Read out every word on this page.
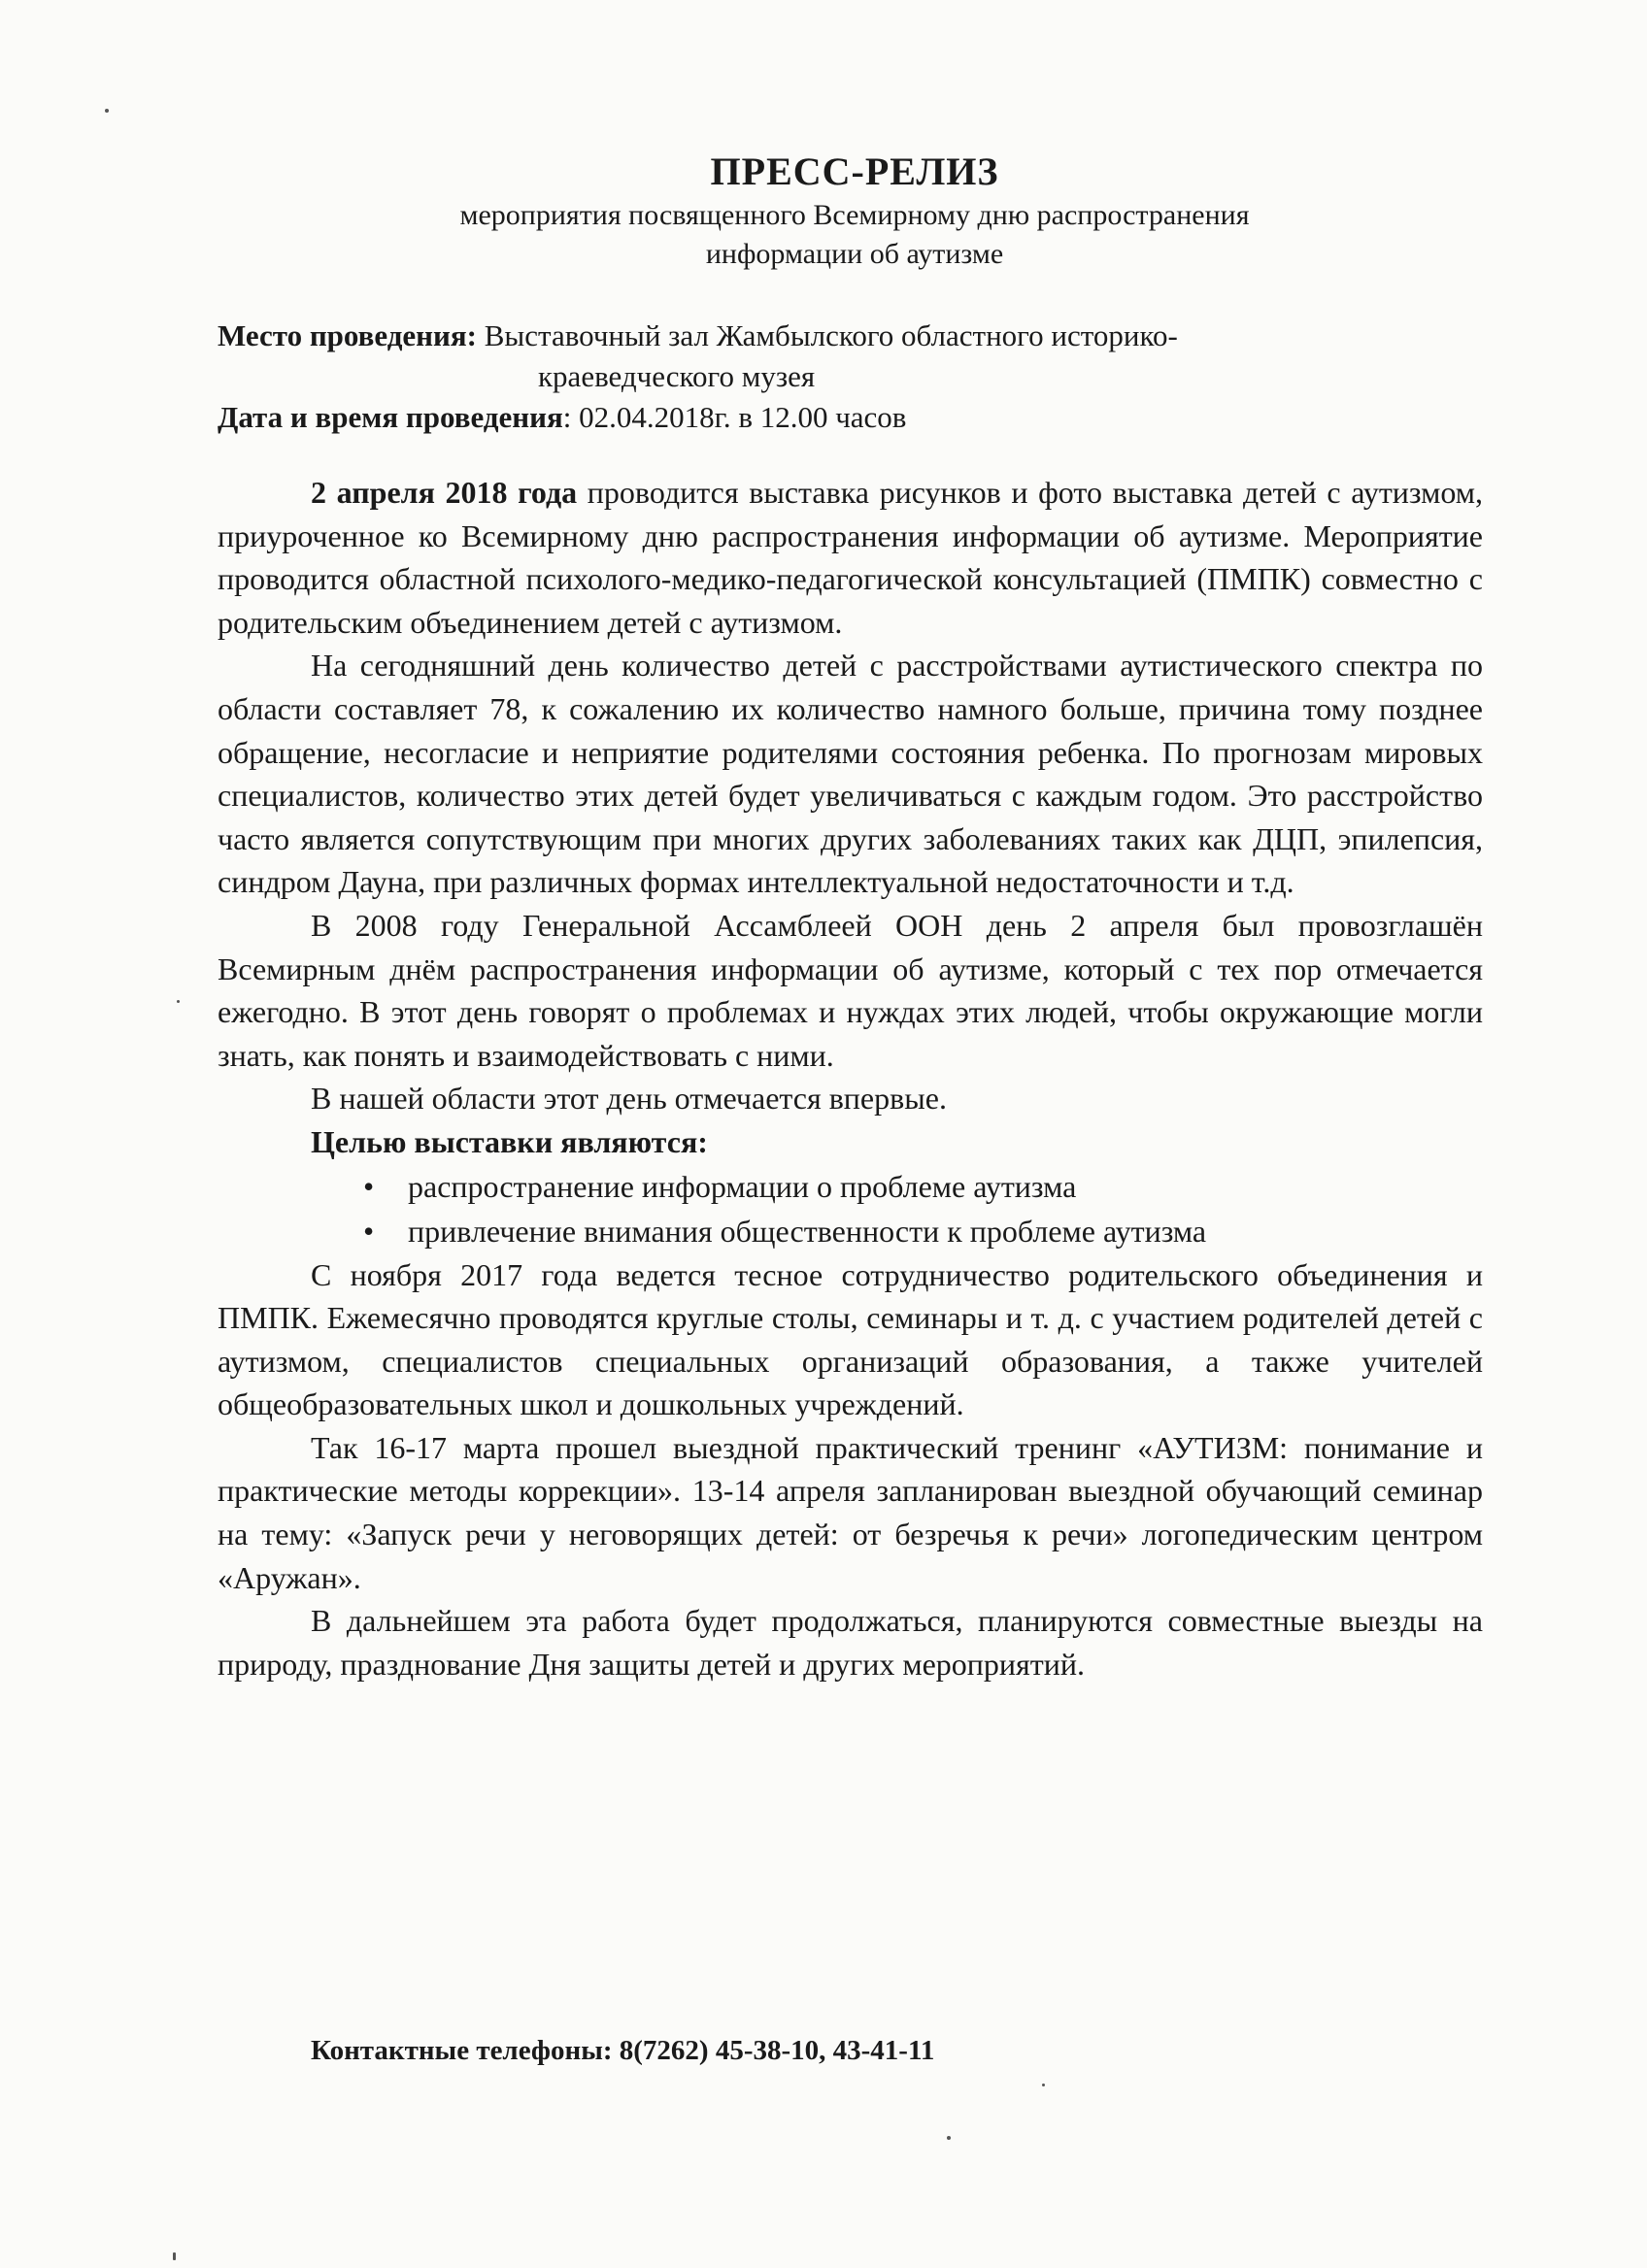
ПРЕСС-РЕЛИЗ
мероприятия посвященного Всемирному дню распространения
информации об аутизме
Место проведения: Выставочный зал Жамбылского областного историко-
краеведческого музея
Дата и время проведения: 02.04.2018г. в 12.00 часов

2 апреля 2018 года проводится выставка рисунков и фото выставка детей с аутизмом, приуроченное ко Всемирному дню распространения информации об аутизме. Мероприятие проводится областной психолого-медико-педагогической консультацией (ПМПК) совместно с родительским объединением детей с аутизмом.

На сегодняшний день количество детей с расстройствами аутистического спектра по области составляет 78, к сожалению их количество намного больше, причина тому позднее обращение, несогласие и неприятие родителями состояния ребенка. По прогнозам мировых специалистов, количество этих детей будет увеличиваться с каждым годом. Это расстройство часто является сопутствующим при многих других заболеваниях таких как ДЦП, эпилепсия, синдром Дауна, при различных формах интеллектуальной недостаточности и т.д.

В 2008 году Генеральной Ассамблеей ООН день 2 апреля был провозглашён Всемирным днём распространения информации об аутизме, который с тех пор отмечается ежегодно. В этот день говорят о проблемах и нуждах этих людей, чтобы окружающие могли знать, как понять и взаимодействовать с ними.

В нашей области этот день отмечается впервые.

Целью выставки являются:
• распространение информации о проблеме аутизма
• привлечение внимания общественности к проблеме аутизма

С ноября 2017 года ведется тесное сотрудничество родительского объединения и ПМПК. Ежемесячно проводятся круглые столы, семинары и т. д. с участием родителей детей с аутизмом, специалистов специальных организаций образования, а также учителей общеобразовательных школ и дошкольных учреждений.

Так 16-17 марта прошел выездной практический тренинг «АУТИЗМ: понимание и практические методы коррекции». 13-14 апреля запланирован выездной обучающий семинар на тему: «Запуск речи у неговорящих детей: от безречья к речи» логопедическим центром «Аружан».

В дальнейшем эта работа будет продолжаться, планируются совместные выезды на природу, празднование Дня защиты детей и других мероприятий.

Контактные телефоны: 8(7262) 45-38-10, 43-41-11
